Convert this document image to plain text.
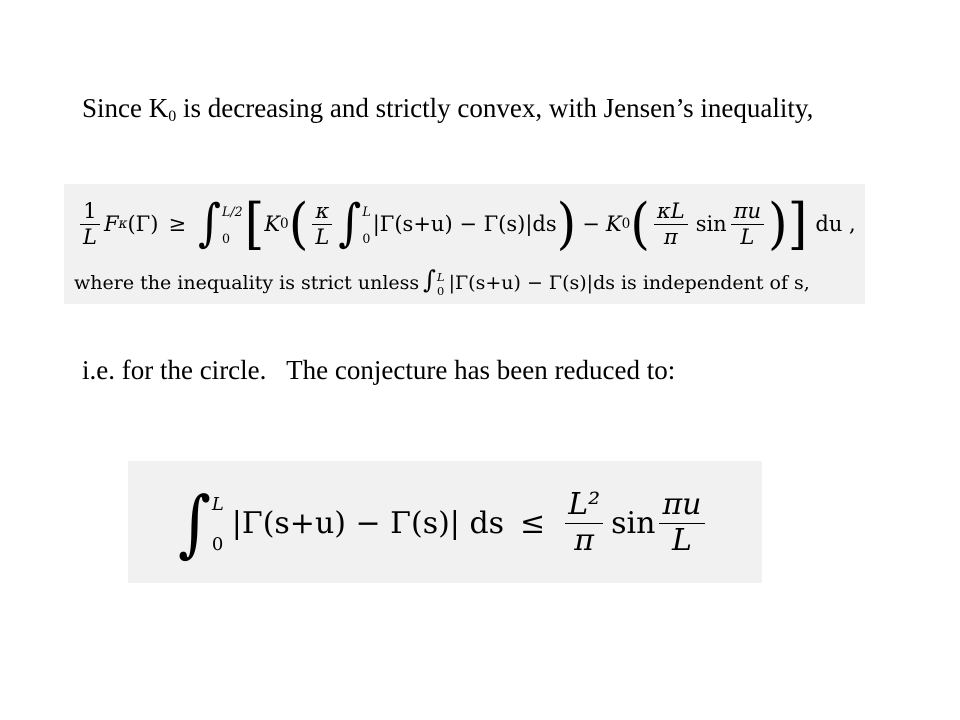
Since $K_0$ is decreasing and strictly convex, with Jensen’s inequality,
$\frac{1}{L}$ F κ (Γ) ≥ ∫ L/2
0 [ K 0 ( $\frac{\kappa}{L}$ ∫ L
0
|Γ(s+u) − Γ(s)|ds ) − K 0 ( $\frac{\kappa L}{\pi}$ $\sin \frac{\pi u}{L}$ ) ] du ,
where the inequality is strict unless ∫ L
0 |Γ(s+u) − Γ(s)|ds is independent of s,
i.e. for the circle.   The conjecture has been reduced to:
∫ L
0
|Γ(s+u) − Γ(s)| ds ≤ $\frac{\text{L²}}{\pi}$ $\sin \frac{\pi u}{L}$
